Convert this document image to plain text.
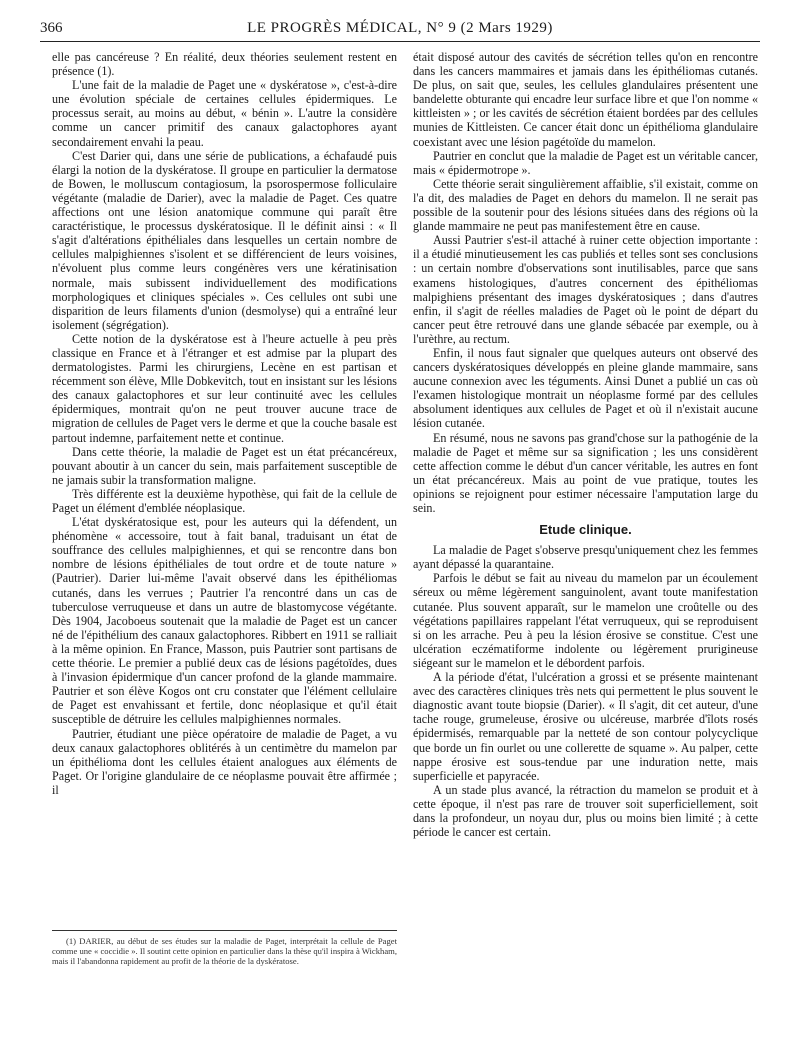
366	LE PROGRÈS MÉDICAL, N° 9 (2 Mars 1929)

elle pas cancéreuse ? En réalité, deux théories seulement restent en présence (1).

L'une fait de la maladie de Paget une « dyskératose », c'est-à-dire une évolution spéciale de certaines cellules épidermiques. Le processus serait, au moins au début, « bénin ». L'autre la considère comme un cancer primitif des canaux galactophores ayant secondairement envahi la peau.

C'est Darier qui, dans une série de publications, a échafaudé puis élargi la notion de la dyskératose. Il groupe en particulier la dermatose de Bowen, le molluscum contagiosum, la psorospermose folliculaire végétante (maladie de Darier), avec la maladie de Paget. Ces quatre affections ont une lésion anatomique commune qui paraît être caractéristique, le processus dyskératosique. Il le définit ainsi : « Il s'agit d'altérations épithéliales dans lesquelles un certain nombre de cellules malpighiennes s'isolent et se différencient de leurs voisines, n'évoluent plus comme leurs congénères vers une kératinisation normale, mais subissent individuellement des modifications morphologiques et cliniques spéciales ». Ces cellules ont subi une disparition de leurs filaments d'union (desmolyse) qui a entraîné leur isolement (ségrégation).

Cette notion de la dyskératose est à l'heure actuelle à peu près classique en France et à l'étranger et est admise par la plupart des dermatologistes. Parmi les chirurgiens, Lecène en est partisan et récemment son élève, Mlle Dobkevitch, tout en insistant sur les lésions des canaux galactophores et sur leur continuité avec les cellules épidermiques, montrait qu'on ne peut trouver aucune trace de migration de cellules de Paget vers le derme et que la couche basale est partout indemne, parfaitement nette et continue.

Dans cette théorie, la maladie de Paget est un état précancéreux, pouvant aboutir à un cancer du sein, mais parfaitement susceptible de ne jamais subir la transformation maligne.

Très différente est la deuxième hypothèse, qui fait de la cellule de Paget un élément d'emblée néoplasique.

L'état dyskératosique est, pour les auteurs qui la défendent, un phénomène « accessoire, tout à fait banal, traduisant un état de souffrance des cellules malpighiennes, et qui se rencontre dans bon nombre de lésions épithéliales de tout ordre et de toute nature » (Pautrier). Darier lui-même l'avait observé dans les épithéliomas cutanés, dans les verrues ; Pautrier l'a rencontré dans un cas de tuberculose verruqueuse et dans un autre de blastomycose végétante. Dès 1904, Jacoboeus soutenait que la maladie de Paget est un cancer né de l'épithélium des canaux galactophores. Ribbert en 1911 se ralliait à la même opinion. En France, Masson, puis Pautrier sont partisans de cette théorie. Le premier a publié deux cas de lésions pagétoïdes, dues à l'invasion épidermique d'un cancer profond de la glande mammaire. Pautrier et son élève Kogos ont cru constater que l'élément cellulaire de Paget est envahissant et fertile, donc néoplasique et qu'il était susceptible de détruire les cellules malpighiennes normales.

Pautrier, étudiant une pièce opératoire de maladie de Paget, a vu deux canaux galactophores oblitérés à un centimètre du mamelon par un épithélioma dont les cellules étaient analogues aux éléments de Paget. Or l'origine glandulaire de ce néoplasme pouvait être affirmée ; il

(1) DARIER, au début de ses études sur la maladie de Paget, interprétait la cellule de Paget comme une « coccidie ». Il soutint cette opinion en particulier dans la thèse qu'il inspira à Wickham, mais il l'abandonna rapidement au profit de la théorie de la dyskératose.

était disposé autour des cavités de sécrétion telles qu'on en rencontre dans les cancers mammaires et jamais dans les épithéliomas cutanés. De plus, on sait que, seules, les cellules glandulaires présentent une bandelette obturante qui encadre leur surface libre et que l'on nomme « kittleisten » ; or les cavités de sécrétion étaient bordées par des cellules munies de Kittleisten. Ce cancer était donc un épithélioma glandulaire coexistant avec une lésion pagétoïde du mamelon.

Pautrier en conclut que la maladie de Paget est un véritable cancer, mais « épidermotrope ».

Cette théorie serait singulièrement affaiblie, s'il existait, comme on l'a dit, des maladies de Paget en dehors du mamelon. Il ne serait pas possible de la soutenir pour des lésions situées dans des régions où la glande mammaire ne peut pas manifestement être en cause.

Aussi Pautrier s'est-il attaché à ruiner cette objection importante : il a étudié minutieusement les cas publiés et telles sont ses conclusions : un certain nombre d'observations sont inutilisables, parce que sans examens histologiques, d'autres concernent des épithéliomas malpighiens présentant des images dyskératosiques ; dans d'autres enfin, il s'agit de réelles maladies de Paget où le point de départ du cancer peut être retrouvé dans une glande sébacée par exemple, ou à l'urèthre, au rectum.

Enfin, il nous faut signaler que quelques auteurs ont observé des cancers dyskératosiques développés en pleine glande mammaire, sans aucune connexion avec les téguments. Ainsi Dunet a publié un cas où l'examen histologique montrait un néoplasme formé par des cellules absolument identiques aux cellules de Paget et où il n'existait aucune lésion cutanée.

En résumé, nous ne savons pas grand'chose sur la pathogénie de la maladie de Paget et même sur sa signification ; les uns considèrent cette affection comme le début d'un cancer véritable, les autres en font un état précancéreux. Mais au point de vue pratique, toutes les opinions se rejoignent pour estimer nécessaire l'amputation large du sein.

Etude clinique.

La maladie de Paget s'observe presqu'uniquement chez les femmes ayant dépassé la quarantaine.

Parfois le début se fait au niveau du mamelon par un écoulement séreux ou même légèrement sanguinolent, avant toute manifestation cutanée. Plus souvent apparaît, sur le mamelon une croûtelle ou des végétations papillaires rappelant l'état verruqueux, qui se reproduisent si on les arrache. Peu à peu la lésion érosive se constitue. C'est une ulcération eczématiforme indolente ou légèrement prurigineuse siégeant sur le mamelon et le débordent parfois.

A la période d'état, l'ulcération a grossi et se présente maintenant avec des caractères cliniques très nets qui permettent le plus souvent le diagnostic avant toute biopsie (Darier). « Il s'agit, dit cet auteur, d'une tache rouge, grumeleuse, érosive ou ulcéreuse, marbrée d'îlots rosés épidermisés, remarquable par la netteté de son contour polycyclique que borde un fin ourlet ou une collerette de squame ». Au palper, cette nappe érosive est sous-tendue par une induration nette, mais superficielle et papyracée.

A un stade plus avancé, la rétraction du mamelon se produit et à cette époque, il n'est pas rare de trouver soit superficiellement, soit dans la profondeur, un noyau dur, plus ou moins bien limité ; à cette période le cancer est certain.
